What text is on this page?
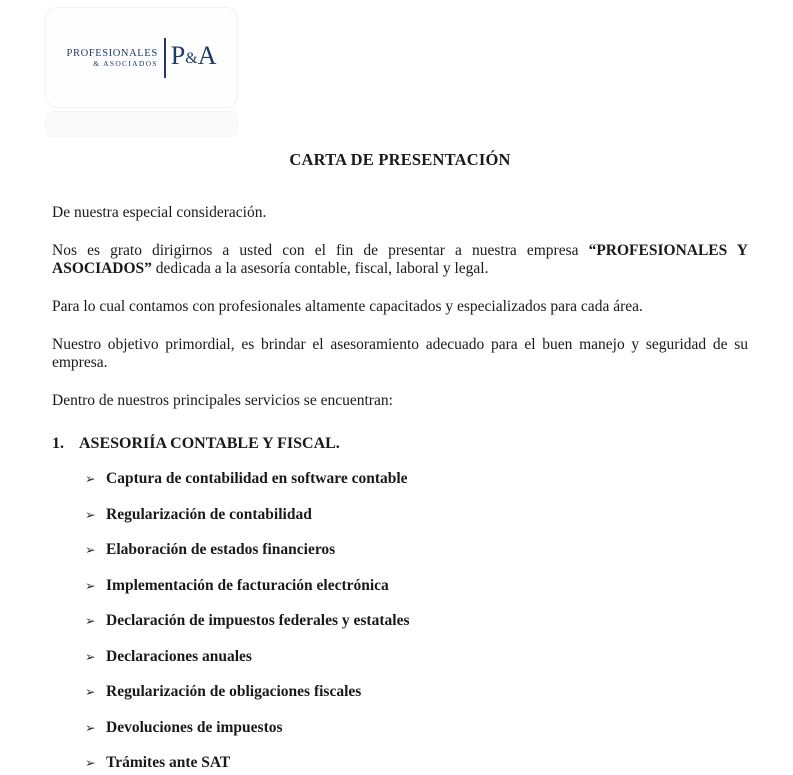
PROFESIONALES
& ASOCIADOS P&A
CARTA DE PRESENTACIÓN

De nuestra especial consideración.

Nos es grato dirigirnos a usted con el fin de presentar a nuestra empresa “PROFESIONALES Y ASOCIADOS” dedicada a la asesoría contable, fiscal, laboral y legal.

Para lo cual contamos con profesionales altamente capacitados y especializados para cada área.

Nuestro objetivo primordial, es brindar el asesoramiento adecuado para el buen manejo y seguridad de su empresa.

Dentro de nuestros principales servicios se encuentran:

1. ASESORIÍA CONTABLE Y FISCAL.
➢ Captura de contabilidad en software contable
➢ Regularización de contabilidad
➢ Elaboración de estados financieros
➢ Implementación de facturación electrónica
➢ Declaración de impuestos federales y estatales
➢ Declaraciones anuales
➢ Regularización de obligaciones fiscales
➢ Devoluciones de impuestos
➢ Trámites ante SAT
